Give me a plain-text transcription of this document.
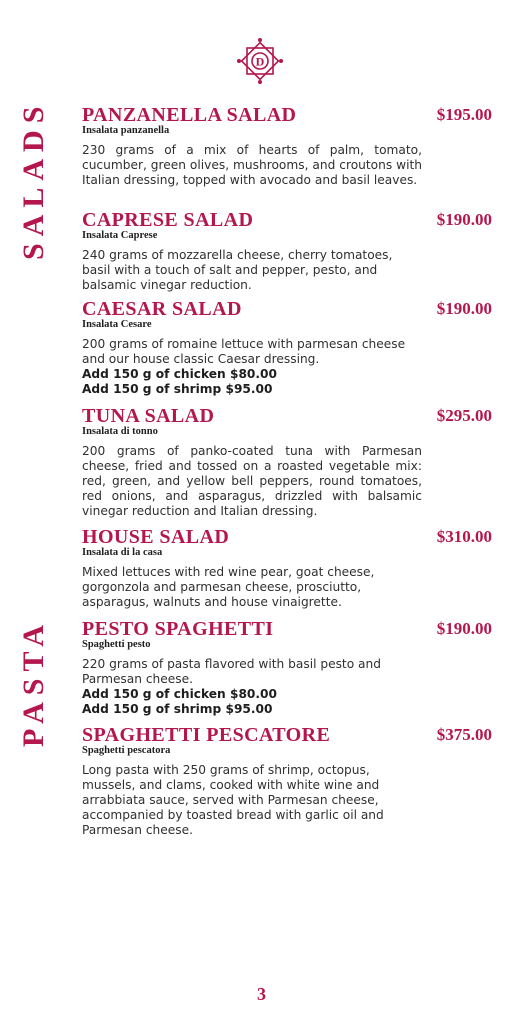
D
SALADS
PASTA
PANZANELLA SALAD	$195.00
Insalata panzanella
230 grams of a mix of hearts of palm, tomato, cucumber, green olives, mushrooms, and croutons with Italian dressing, topped with avocado and basil leaves.
CAPRESE SALAD	$190.00
Insalata Caprese
240 grams of mozzarella cheese, cherry tomatoes, basil with a touch of salt and pepper, pesto, and balsamic vinegar reduction.
CAESAR SALAD	$190.00
Insalata Cesare
200 grams of romaine lettuce with parmesan cheese and our house classic Caesar dressing.
Add 150 g of chicken $80.00
Add 150 g of shrimp $95.00
TUNA SALAD	$295.00
Insalata di tonno
200 grams of panko-coated tuna with Parmesan cheese, fried and tossed on a roasted vegetable mix: red, green, and yellow bell peppers, round tomatoes, red onions, and asparagus, drizzled with balsamic vinegar reduction and Italian dressing.
HOUSE SALAD	$310.00
Insalata di la casa
Mixed lettuces with red wine pear, goat cheese, gorgonzola and parmesan cheese, prosciutto, asparagus, walnuts and house vinaigrette.
PESTO SPAGHETTI	$190.00
Spaghetti pesto
220 grams of pasta flavored with basil pesto and Parmesan cheese.
Add 150 g of chicken $80.00
Add 150 g of shrimp $95.00
SPAGHETTI PESCATORE	$375.00
Spaghetti pescatora
Long pasta with 250 grams of shrimp, octopus, mussels, and clams, cooked with white wine and arrabbiata sauce, served with Parmesan cheese, accompanied by toasted bread with garlic oil and Parmesan cheese.
3
